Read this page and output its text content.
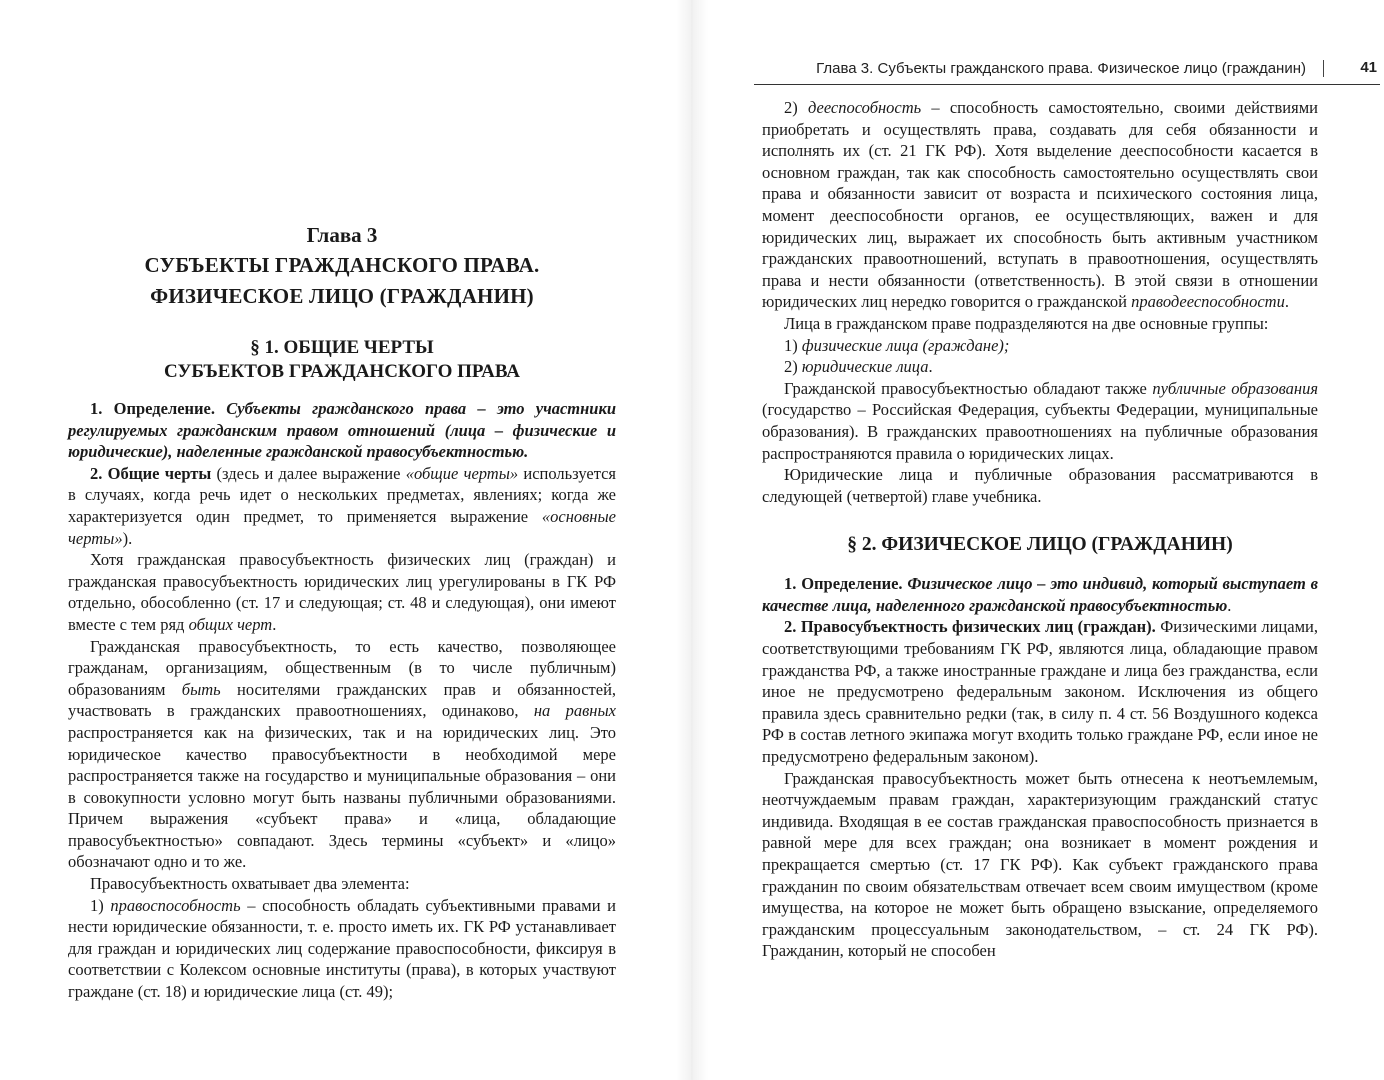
Глава 3
СУБЪЕКТЫ ГРАЖДАНСКОГО ПРАВА.
ФИЗИЧЕСКОЕ ЛИЦО (ГРАЖДАНИН)
§ 1. ОБЩИЕ ЧЕРТЫ
СУБЪЕКТОВ ГРАЖДАНСКОГО ПРАВА

1. Определение. Субъекты гражданского права – это участники регулируемых гражданским правом отношений (лица – физические и юридические), наделенные гражданской правосубъектностью.

2. Общие черты (здесь и далее выражение «общие черты» используется в случаях, когда речь идет о нескольких предметах, явлениях; когда же характеризуется один предмет, то применяется выражение «основные черты»).

Хотя гражданская правосубъектность физических лиц (граждан) и гражданская правосубъектность юридических лиц урегулированы в ГК РФ отдельно, обособленно (ст. 17 и следующая; ст. 48 и следующая), они имеют вместе с тем ряд общих черт.

Гражданская правосубъектность, то есть качество, позволяющее гражданам, организациям, общественным (в то числе публичным) образованиям быть носителями гражданских прав и обязанностей, участвовать в гражданских правоотношениях, одинаково, на равных распространяется как на физических, так и на юридических лиц. Это юридическое качество правосубъектности в необходимой мере распространяется также на государство и муниципальные образования – они в совокупности условно могут быть названы публичными образованиями. Причем выражения «субъект права» и «лица, обладающие правосубъектностью» совпадают. Здесь термины «субъект» и «лицо» обозначают одно и то же.

Правосубъектность охватывает два элемента:

1) правоспособность – способность обладать субъективными правами и нести юридические обязанности, т. е. просто иметь их. ГК РФ устанавливает для граждан и юридических лиц содержание правоспособности, фиксируя в соответствии с Колексом основные институты (права), в которых участвуют граждане (ст. 18) и юридические лица (ст. 49);

Глава 3. Субъекты гражданского права. Физическое лицо (гражданин)	41

2) дееспособность – способность самостоятельно, своими действиями приобретать и осуществлять права, создавать для себя обязанности и исполнять их (ст. 21 ГК РФ). Хотя выделение дееспособности касается в основном граждан, так как способность самостоятельно осуществлять свои права и обязанности зависит от возраста и психического состояния лица, момент дееспособности органов, ее осуществляющих, важен и для юридических лиц, выражает их способность быть активным участником гражданских правоотношений, вступать в правоотношения, осуществлять права и нести обязанности (ответственность). В этой связи в отношении юридических лиц нередко говорится о гражданской праводееспособности.

Лица в гражданском праве подразделяются на две основные группы:

1) физические лица (граждане);

2) юридические лица.

Гражданской правосубъектностью обладают также публичные образования (государство – Российская Федерация, субъекты Федерации, муниципальные образования). В гражданских правоотношениях на публичные образования распространяются правила о юридических лицах.

Юридические лица и публичные образования рассматриваются в следующей (четвертой) главе учебника.

§ 2. ФИЗИЧЕСКОЕ ЛИЦО (ГРАЖДАНИН)

1. Определение. Физическое лицо – это индивид, который выступает в качестве лица, наделенного гражданской правосубъектностью.

2. Правосубъектность физических лиц (граждан). Физическими лицами, соответствующими требованиям ГК РФ, являются лица, обладающие правом гражданства РФ, а также иностранные граждане и лица без гражданства, если иное не предусмотрено федеральным законом. Исключения из общего правила здесь сравнительно редки (так, в силу п. 4 ст. 56 Воздушного кодекса РФ в состав летного экипажа могут входить только граждане РФ, если иное не предусмотрено федеральным законом).

Гражданская правосубъектность может быть отнесена к неотъемлемым, неотчуждаемым правам граждан, характеризующим гражданский статус индивида. Входящая в ее состав гражданская правоспособность признается в равной мере для всех граждан; она возникает в момент рождения и прекращается смертью (ст. 17 ГК РФ). Как субъект гражданского права гражданин по своим обязательствам отвечает всем своим имуществом (кроме имущества, на которое не может быть обращено взыскание, определяемого гражданским процессуальным законодательством, – ст. 24 ГК РФ). Гражданин, который не способен
